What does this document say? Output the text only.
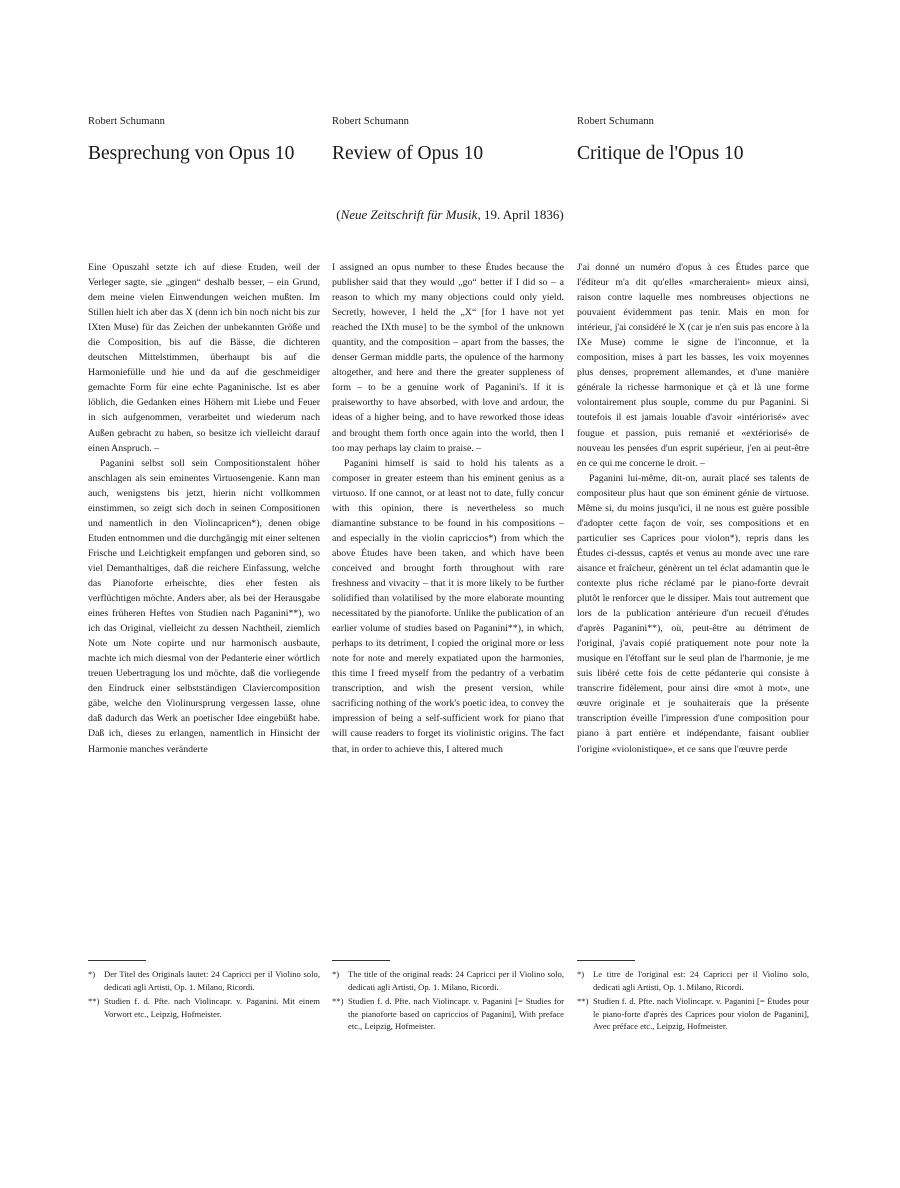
Robert Schumann	Robert Schumann	Robert Schumann
Besprechung von Opus 10	Review of Opus 10	Critique de l'Opus 10
(Neue Zeitschrift für Musik, 19. April 1836)

Eine Opuszahl setzte ich auf diese Etuden, weil der Verleger sagte, sie „gingen“ deshalb besser, – ein Grund, dem meine vielen Einwendungen weichen mußten. Im Stillen hielt ich aber das X (denn ich bin noch nicht bis zur IXten Muse) für das Zeichen der unbekannten Größe und die Composition, bis auf die Bässe, die dichteren deutschen Mittelstimmen, überhaupt bis auf die Harmoniefülle und hie und da auf die geschmeidiger gemachte Form für eine echte Paganinische. Ist es aber löblich, die Gedanken eines Höhern mit Liebe und Feuer in sich aufgenommen, verarbeitet und wiederum nach Außen gebracht zu haben, so besitze ich vielleicht darauf einen Anspruch. –

Paganini selbst soll sein Compositionstalent höher anschlagen als sein eminentes Virtuosengenie. Kann man auch, wenigstens bis jetzt, hierin nicht vollkommen einstimmen, so zeigt sich doch in seinen Compositionen und namentlich in den Violincapricen*), denen obige Etuden entnommen und die durchgängig mit einer seltenen Frische und Leichtigkeit empfangen und geboren sind, so viel Demanthaltiges, daß die reichere Einfassung, welche das Pianoforte erheischte, dies eher festen als verflüchtigen möchte. Anders aber, als bei der Herausgabe eines früheren Heftes von Studien nach Paganini**), wo ich das Original, vielleicht zu dessen Nachtheil, ziemlich Note um Note copirte und nur harmonisch ausbaute, machte ich mich diesmal von der Pedanterie einer wörtlich treuen Uebertragung los und möchte, daß die vorliegende den Eindruck einer selbstständigen Claviercomposition gäbe, welche den Violinursprung vergessen lasse, ohne daß dadurch das Werk an poetischer Idee eingebüßt habe. Daß ich, dieses zu erlangen, namentlich in Hinsicht der Harmonie manches veränderte

I assigned an opus number to these Études because the publisher said that they would „go“ better if I did so – a reason to which my many objections could only yield. Secretly, however, I held the „X“ [for I have not yet reached the IXth muse] to be the symbol of the unknown quantity, and the composition – apart from the basses, the denser German middle parts, the opulence of the harmony altogether, and here and there the greater suppleness of form – to be a genuine work of Paganini's. If it is praiseworthy to have absorbed, with love and ardour, the ideas of a higher being, and to have reworked those ideas and brought them forth once again into the world, then I too may perhaps lay claim to praise. –

Paganini himself is said to hold his talents as a composer in greater esteem than his eminent genius as a virtuoso. If one cannot, or at least not to date, fully concur with this opinion, there is nevertheless so much diamantine substance to be found in his compositions – and especially in the violin capriccios*) from which the above Études have been taken, and which have been conceived and brought forth throughout with rare freshness and vivacity – that it is more likely to be further solidified than volatilised by the more elaborate mounting necessitated by the pianoforte. Unlike the publication of an earlier volume of studies based on Paganini**), in which, perhaps to its detriment, I copied the original more or less note for note and merely expatiated upon the harmonies, this time I freed myself from the pedantry of a verbatim transcription, and wish the present version, while sacrificing nothing of the work's poetic idea, to convey the impression of being a self-sufficient work for piano that will cause readers to forget its violinistic origins. The fact that, in order to achieve this, I altered much

J'ai donné un numéro d'opus à ces Études parce que l'éditeur m'a dit qu'elles «marcheraient» mieux ainsi, raison contre laquelle mes nombreuses objections ne pouvaient évidemment pas tenir. Mais en mon for intérieur, j'ai considéré le X (car je n'en suis pas encore à la IXe Muse) comme le signe de l'inconnue, et la composition, mises à part les basses, les voix moyennes plus denses, proprement allemandes, et d'une manière générale la richesse harmonique et çà et là une forme volontairement plus souple, comme du pur Paganini. Si toutefois il est jamais louable d'avoir «intériorisé» avec fougue et passion, puis remanié et «extériorisé» de nouveau les pensées d'un esprit supérieur, j'en ai peut-être en ce qui me concerne le droit. –

Paganini lui-même, dit-on, aurait placé ses talents de compositeur plus haut que son éminent génie de virtuose. Même si, du moins jusqu'ici, il ne nous est guère possible d'adopter cette façon de voir, ses compositions et en particulier ses Caprices pour violon*), repris dans les Études ci-dessus, captés et venus au monde avec une rare aisance et fraîcheur, génèrent un tel éclat adamantin que le contexte plus riche réclamé par le piano-forte devrait plutôt le renforcer que le dissiper. Mais tout autrement que lors de la publication antérieure d'un recueil d'études d'après Paganini**), où, peut-être au détriment de l'original, j'avais copié pratiquement note pour note la musique en l'étoffant sur le seul plan de l'harmonie, je me suis libéré cette fois de cette pédanterie qui consiste à transcrire fidèlement, pour ainsi dire «mot à mot», une œuvre originale et je souhaiterais que la présente transcription éveille l'impression d'une composition pour piano à part entière et indépendante, faisant oublier l'origine «violonistique», et ce sans que l'œuvre perde

*)	Der Titel des Originals lautet: 24 Capricci per il Violino solo, dedicati agli Artisti, Op. 1. Milano, Ricordi.
**) Studien f. d. Pfte. nach Violincapr. v. Paganini. Mit einem Vorwort etc., Leipzig, Hofmeister.
*)	The title of the original reads: 24 Capricci per il Violino solo, dedicati agli Artisti, Op. 1. Milano, Ricordi.
**) Studien f. d. Pfte. nach Violincapr. v. Paganini [= Studies for the pianoforte based on capriccios of Paganini], With preface etc., Leipzig, Hofmeister.
*)	Le titre de l'original est: 24 Capricci per il Violino solo, dedicati agli Artisti, Op. 1. Milano, Ricordi.
**) Studien f. d. Pfte. nach Violincapr. v. Paganini [= Études pour le piano-forte d'après des Caprices pour violon de Paganini], Avec préface etc., Leipzig, Hofmeister.
